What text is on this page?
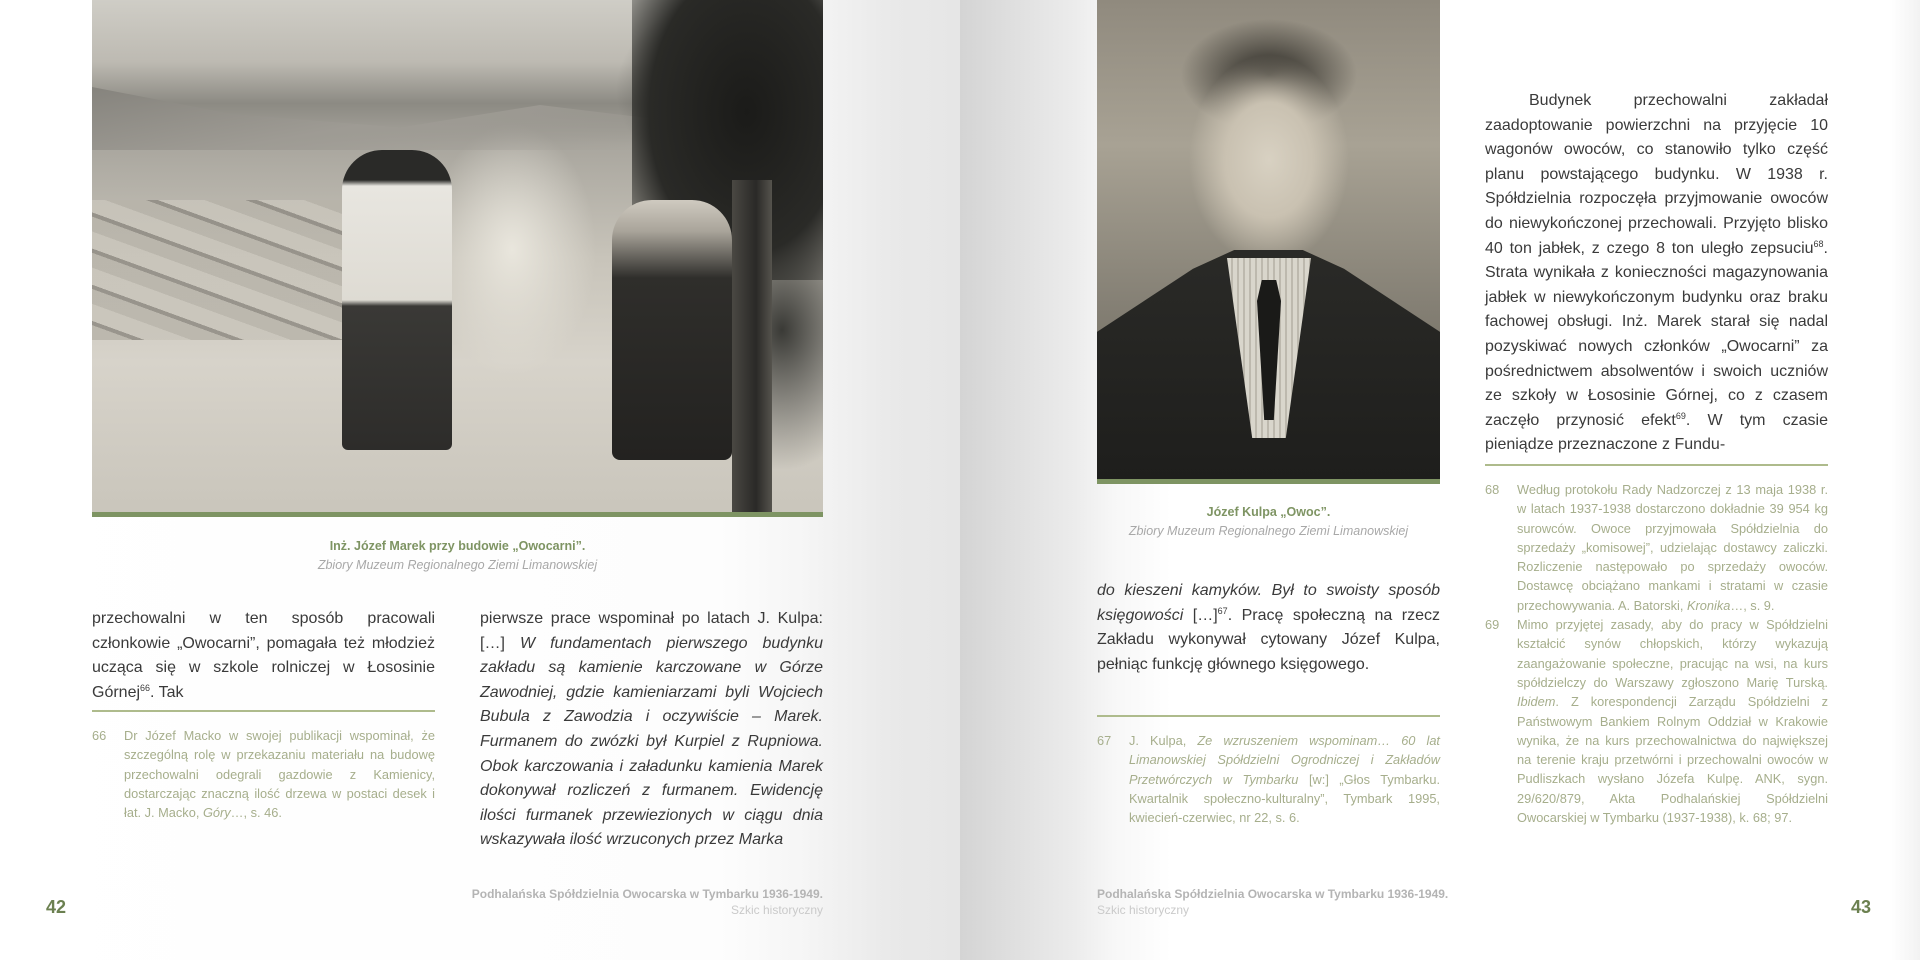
Inż. Józef Marek przy budowie „Owocarni”.
Zbiory Muzeum Regionalnego Ziemi Limanowskiej

przechowalni w ten sposób pracowali członkowie „Owocarni”, pomagała też młodzież ucząca się w szkole rolniczej w Łososinie Górnej$^{66}$. Tak

66	Dr Józef Macko w swojej publikacji wspominał, że szczególną rolę w przekazaniu materiału na budowę przechowalni odegrali gazdowie z Kamienicy, dostarczając znaczną ilość drzewa w postaci desek i łat. J. Macko, Góry…, s. 46.

pierwsze prace wspominał po latach J. Kulpa: […] W fundamentach pierwszego budynku zakładu są kamienie karczowane w Górze Zawodniej, gdzie kamieniarzami byli Wojciech Bubula z Zawodzia i oczywiście – Marek. Furmanem do zwózki był Kurpiel z Rupniowa. Obok karczowania i załadunku kamienia Marek dokonywał rozliczeń z furmanem. Ewidencję ilości furmanek przewiezionych w ciągu dnia wskazywała ilość wrzuconych przez Marka

42
Podhalańska Spółdzielnia Owocarska w Tymbarku 1936-1949.
Szkic historyczny
Józef Kulpa „Owoc”.
Zbiory Muzeum Regionalnego Ziemi Limanowskiej

do kieszeni kamyków. Był to swoisty sposób księgowości […]$^{67}$. Pracę społeczną na rzecz Zakładu wykonywał cytowany Józef Kulpa, pełniąc funkcję głównego księgowego.

67	J. Kulpa, Ze wzruszeniem wspominam… 60 lat Limanowskiej Spółdzielni Ogrodniczej i Zakładów Przetwórczych w Tymbarku [w:] „Głos Tymbarku. Kwartalnik społeczno-kulturalny”, Tymbark 1995, kwiecień-czerwiec, nr 22, s. 6.

Budynek przechowalni zakładał zaadoptowanie powierzchni na przyjęcie 10 wagonów owoców, co stanowiło tylko część planu powstającego budynku. W 1938 r. Spółdzielnia rozpoczęła przyjmowanie owoców do niewykończonej przechowali. Przyjęto blisko 40 ton jabłek, z czego 8 ton uległo zepsuciu$^{68}$. Strata wynikała z konieczności magazynowania jabłek w niewykończonym budynku oraz braku fachowej obsługi. Inż. Marek starał się nadal pozyskiwać nowych członków „Owocarni” za pośrednictwem absolwentów i swoich uczniów ze szkoły w Łososinie Górnej, co z czasem zaczęło przynosić efekt$^{69}$. W tym czasie pieniądze przeznaczone z Fundu-

68	Według protokołu Rady Nadzorczej z 13 maja 1938 r. w latach 1937-1938 dostarczono dokładnie 39 954 kg surowców. Owoce przyjmowała Spółdzielnia do sprzedaży „komisowej”, udzielając dostawcy zaliczki. Rozliczenie następowało po sprzedaży owoców. Dostawcę obciążano mankami i stratami w czasie przechowywania. A. Batorski, Kronika…, s. 9.
69	Mimo przyjętej zasady, aby do pracy w Spółdzielni kształcić synów chłopskich, którzy wykazują zaangażowanie społeczne, pracując na wsi, na kurs spółdzielczy do Warszawy zgłoszono Marię Turską. Ibidem. Z korespondencji Zarządu Spółdzielni z Państwowym Bankiem Rolnym Oddział w Krakowie wynika, że na kurs przechowalnictwa do największej na terenie kraju przetwórni i przechowalni owoców w Pudliszkach wysłano Józefa Kulpę. ANK, sygn. 29/620/879, Akta Podhalańskiej Spółdzielni Owocarskiej w Tymbarku (1937-1938), k. 68; 97.
Podhalańska Spółdzielnia Owocarska w Tymbarku 1936-1949.
Szkic historyczny	43
